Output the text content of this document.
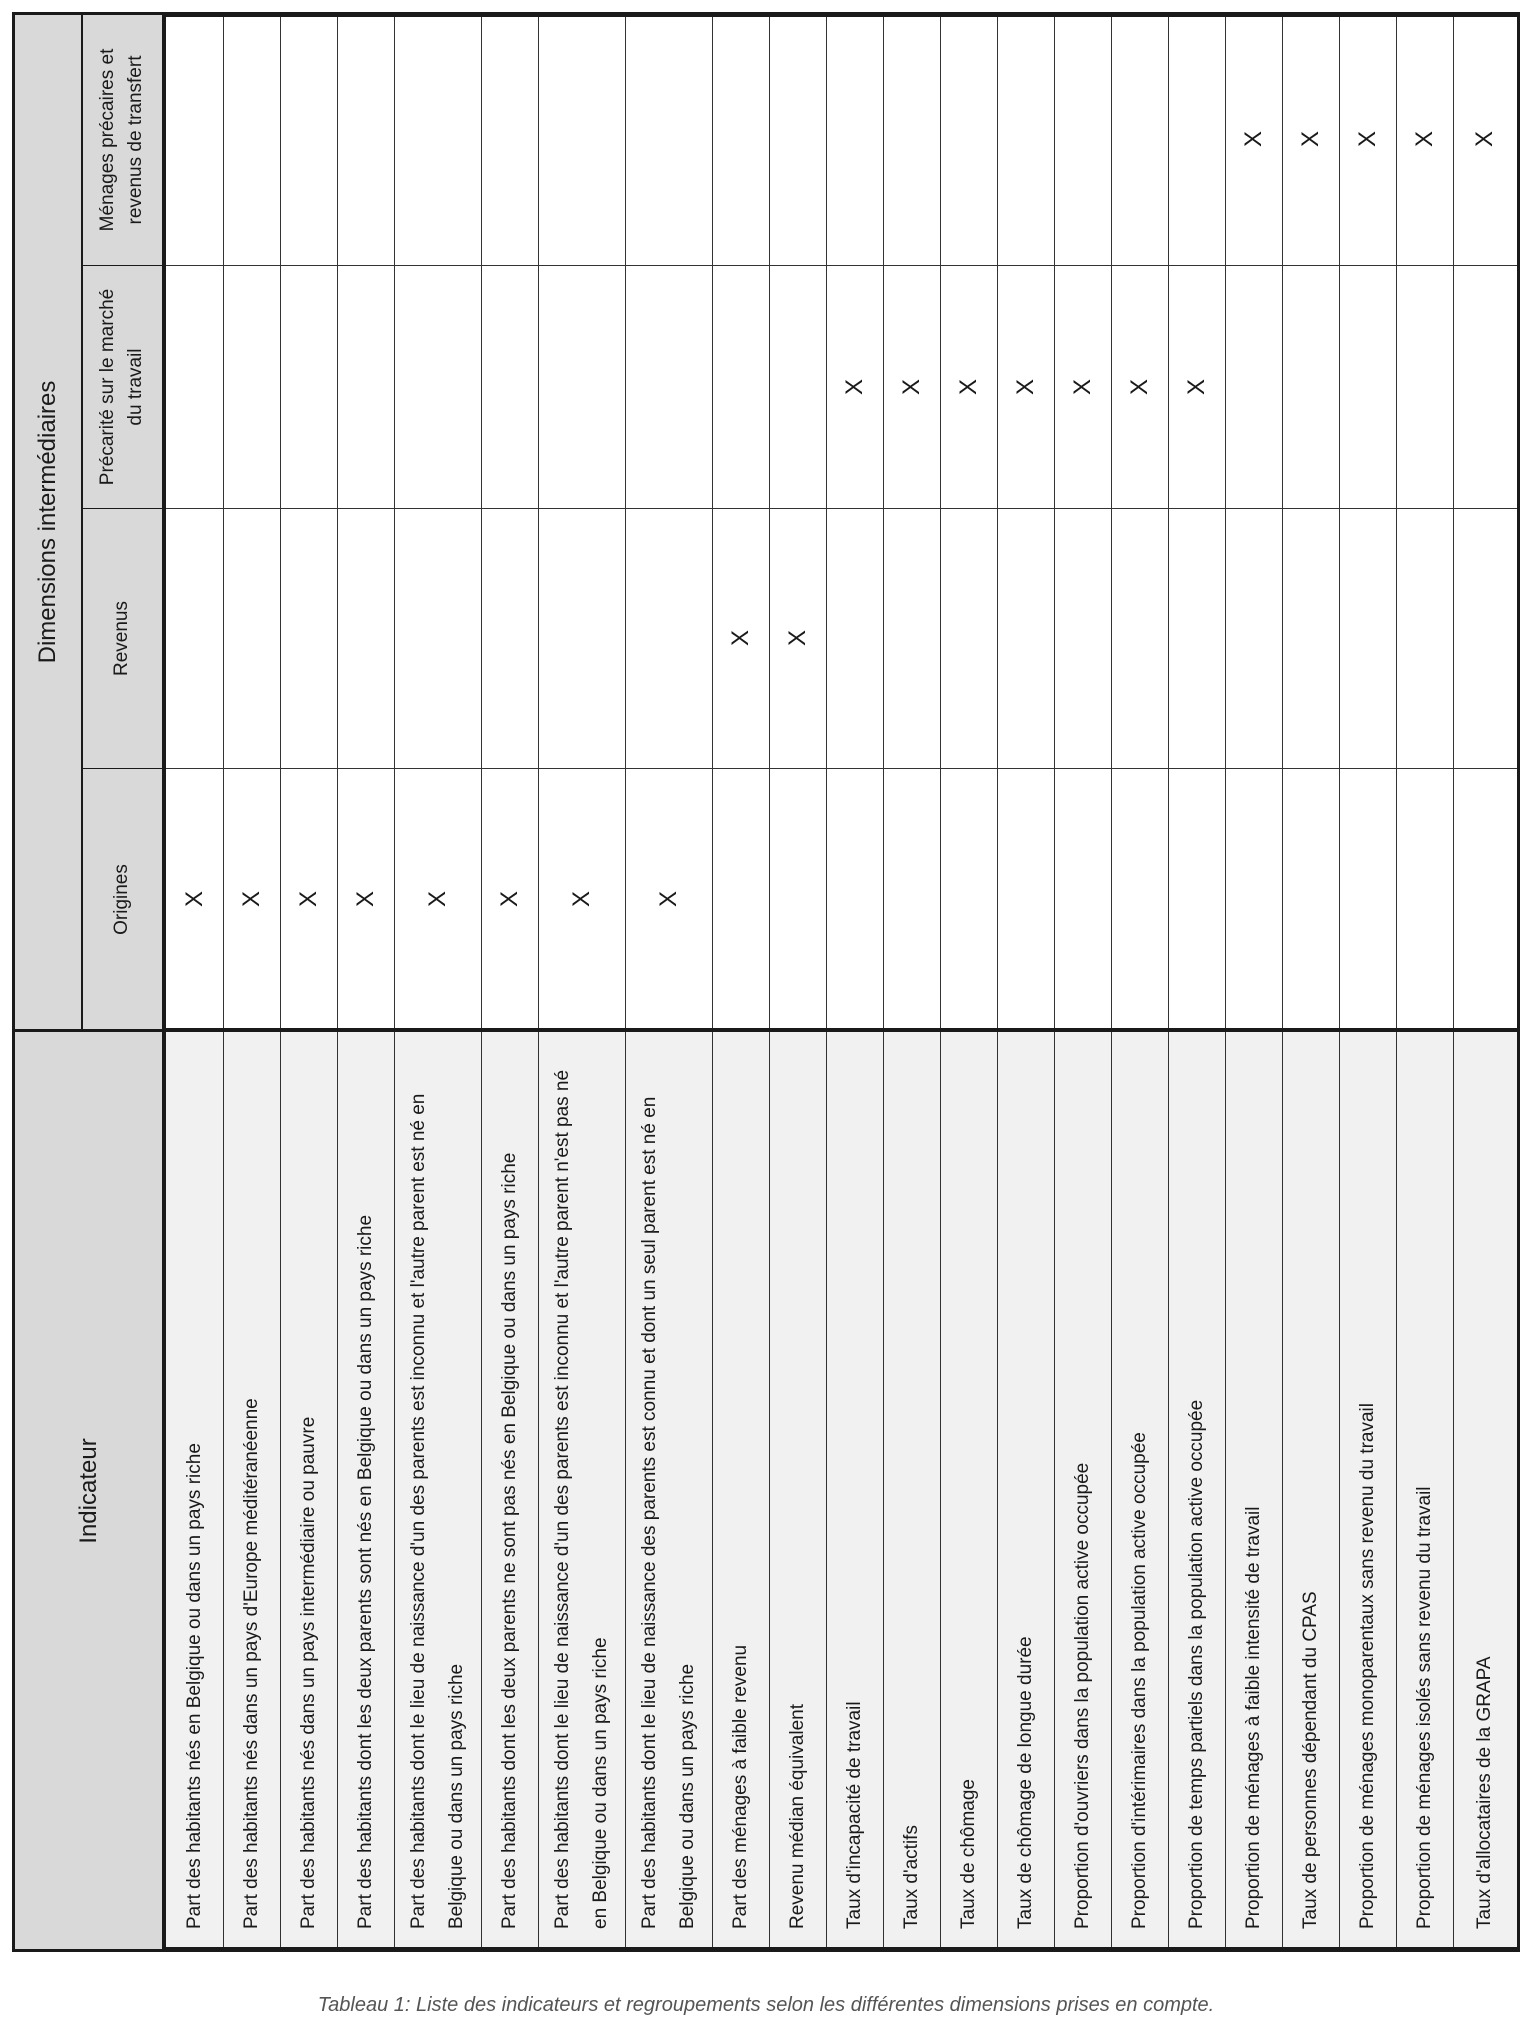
Indicateur
Dimensions intermédiaires
Origines
Revenus
Précarité sur le marché du travail
Ménages précaires et revenus de transfert
Part des habitants nés en Belgique ou dans un pays riche
X
Part des habitants nés dans un pays d'Europe méditéranéenne
X
Part des habitants nés dans un pays intermédiaire ou pauvre
X
Part des habitants dont les deux parents sont nés en Belgique ou dans un pays riche
X
Part des habitants dont le lieu de naissance d'un des parents est inconnu et l'autre parent est né en Belgique ou dans un pays riche
X
Part des habitants dont les deux parents ne sont pas nés en Belgique ou dans un pays riche
X
Part des habitants dont le lieu de naissance d'un des parents est inconnu et l'autre parent n'est pas né en Belgique ou dans un pays riche
X
Part des habitants dont le lieu de naissance des parents est connu et dont un seul parent est né en Belgique ou dans un pays riche
X
Part des ménages à faible revenu
X
Revenu médian équivalent
X
Taux d'incapacité de travail
X
Taux d'actifs
X
Taux de chômage
X
Taux de chômage de longue durée
X
Proportion d'ouvriers dans la population active occupée
X
Proportion d'intérimaires dans la population active occupée
X
Proportion de temps partiels dans la population active occupée
X
Proportion de ménages à faible intensité de travail
X
Taux de personnes dépendant du CPAS
X
Proportion de ménages monoparentaux sans revenu du travail
X
Proportion de ménages isolés sans revenu du travail
X
Taux d'allocataires de la GRAPA
X
Tableau 1: Liste des indicateurs et regroupements selon les différentes dimensions prises en compte.
